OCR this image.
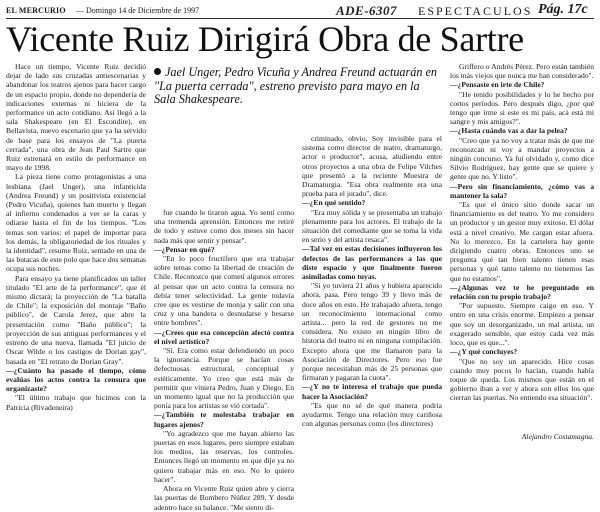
EL MERCURIO — Domingo 14 de Diciembre de 1997	ADE-6307 ESPECTACULOS Pág. 17c
Vicente Ruiz Dirigirá Obra de Sartre
Jael Unger, Pedro Vicuña y Andrea Freund actuarán en "La puerta cerrada", estreno previsto para mayo en la Sala Shakespeare.

Hace un tiempo, Vicente Ruiz decidió dejar de lado sus cruzadas antiescenarias y abandonar los teatros ajenos para hacer cargo de un espacio propio, donde no dependería de indicaciones externas ni hiciera de la performance un acto cotidiano. Así llegó a la sala Shakespeare (en El Escondite), en Bellavista, nuevo escenario que ya ha servido de base para los ensayos de "La puerta cerrada", una obra de Jean Paul Sartre que Ruiz estrenará en estilo de performance en mayo de 1998.

La pieza tiene como protagonistas a una lesbiana (Jael Unger), una infanticida (Andrea Freund) y un positivista existencial (Pedro Vicuña), quienes han muerto y llegan al infierno condenados a ver se la caras y odiarse hasta el fin de los tiempos. "Los temas son varios: el papel de importar para los demás, la obligatoriedad de los rituales y la identidad", resume Ruiz, sentado en una de las butacas de este polo que hace dos semanas ocupa sus noches.

Para ensayo ya tiene planificados un taller titulado "El arte de la performance", que él mismo dictará; la proyección de "La batalla de Chile"; la exposición del montaje "Baño público", de Carola Jerez, que abre la presentación como "Baño público"; la proyección de sus antiguas performances y el estreno de una nueva, llamada "El juicio de Oscar Wilde o los castigos de Dorian gay", basada en "El retrato de Dorian Gray".

—¿Cuánto ha pasado el tiempo, cómo evalúas los actos contra la censura que organizaste?

"El último trabajo que hicimos con la Patricia (Rivadeneira)

fue cuando le tiraron agua. Yo sentí como una tremenda aprensión. Entonces me retiré de todo y estuve como dos meses sin hacer nada más que sentir y pensar".

—¿Pensar en qué?

"En lo poco fructífero que era trabajar sobre temas como la libertad de creación de Chile. Reconozco que cometí algunos errores al pensar que un acto contra la censura no debía tener selectividad. La gente todavía cree que es vestirse de monja y salir con una cruz y una bandera o desnudarse y besarse entre hombres".

—¿Crees que esa concepción afectó contra el nivel artístico?

"Sí. Era como estar defendiendo un poco la ignorancia. Porque se hacían cosas defectuosas estructural, conceptual y estéticamente. Yo creo que está más de permitir que viniera Pedro, Juan y Diego. En un momento igual que no la producción que ponía para los artistas se vió cortada".

—¿También te molestaba trabajar en lugares ajenos?

"Yo agradezco que me hayan abierto las puertas en esos lugares, pero siempre estaban los medios, las reservas, los controles. Entonces llegó un momento en que dije ya no quiero trabajar más en eso. No lo quiero hacer".

Ahora en Vicente Ruiz quien abre y cierra las puertas de Bombero Núñez 289. Y desde adentro hace su balance. "Me siento di-

criminado, obvio. Soy invisible para el sistema como director de teatro, dramaturgo, actor o productor", acusa, aludiendo entre otros proyectos a una obra de Felipe Vilches que presentó a la reciente Muestra de Dramaturgia. "Esa obra realmente era una prueba para el jurado", dice.

—¿En qué sentido?

"Era muy sólida y se presentaba un trabajo plenamente para los actores. El trabajo de la situación del comediante que se toma la vida en serio y del artista resaca".

—Tal vez en estas decisiones influyeron los defectos de las performances a las que diste espacio y que finalmente fueron asimiladas como tuyas.

"Sí yo tuviera 21 años y hubiera aparecido ahora, pasa. Pero tengo 39 y llevo más de doce años en esto. He trabajado afuera, tengo un reconocimiento internacional como artista... pero la red de gestores no me considera. No existo en ningún libro de historia del teatro ni en ninguna compilación. Excepto ahora que me llamaron para la Asociación de Directores. Pero eso fue porque necesitaban más de 25 personas que firmaran y pagaran la cuota".

—¿Y no te interesa el trabajo que pueda hacer la Asociación?

"Es que no sé de qué manera podría ayudarme. Tengo una relación muy cariñosa con algunas personas como (los directores)

Griffero o Andrés Pérez. Pero están también los más viejos que nunca me han considerado".

—¿Pensaste en irte de Chile?

"He tenido posibilidades y lo he hecho por cortos períodos. Pero después digo, ¿por qué tengo que irme si este es mi país, acá está mi sangre y mis amigos?".

—¿Hasta cuándo vas a dar la pelea?

"Creo que ya no voy a tratar más de que me reconozcan ni voy a mandar proyectos a ningún concurso. Ya fui olvidado y, como dice Silvio Rodríguez, hay gente que se quiere y gente que no. Y listo".

—Pero sin financiamiento, ¿cómo vas a mantener la sala?

"Es que el único sitio donde sacar un financiamiento es del teatro. Yo me considero un productor y un gestor muy exitoso. El dólar está a nivel creativo. Me cargan estar afuera. No lo merezco. En la cartelera hay gente dirigiendo cuatro obras. Entonces uno se pregunta qué tan bien talento tienen esas personas y qué tanto talento no tienemos las que no estamos".

—¿Algunas vez te he preguntado en relación con tu propio trabajo?

"Por supuesto. Siempre caigo en eso. Y entro en una crisis enorme. Empiezo a pensar que soy un desorganizado, un mal artista, un exagerado sensible, que estoy cada vez más loco, que es que...".

—¿Y qué concluyes?

"Que no soy un aparecido. Hice cosas cuando muy pocos lo hacían, cuando había toque de queda. Los mismos que están en el gobierno iban a ver y ahora son ellos los que cierran las puertas. No entiendo esa situación".

Alejandro Costamagna.
